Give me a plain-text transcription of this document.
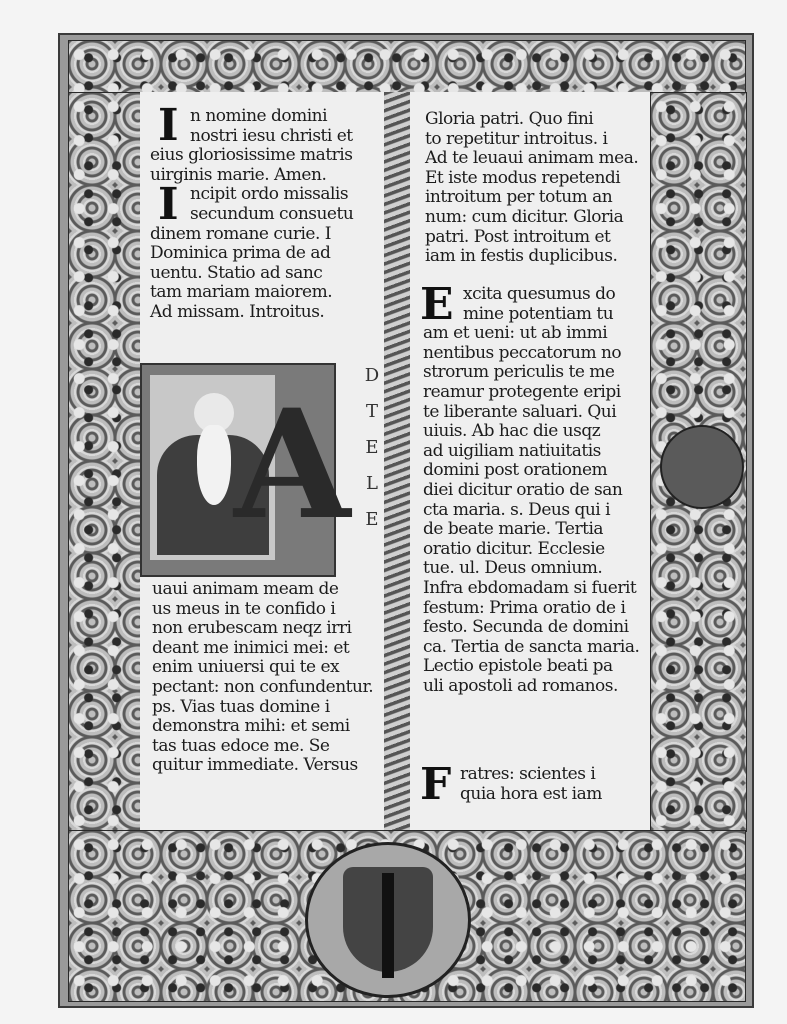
I
I
n nomine domini
nostri iesu christi et
eius gloriosissime matris
uirginis marie. Amen.
ncipit ordo missalis
secundum consuetu
dinem romane curie. I
Dominica prima de ad
uentu. Statio ad sanc
tam mariam maiorem.
Ad missam. Introitus.
A
D
T
E
L
E
uaui animam meam de
us meus in te confido i
non erubescam neqz irri
deant me inimici mei: et
enim uniuersi qui te ex
pectant: non confundentur.
ps. Vias tuas domine i
demonstra mihi: et semi
tas tuas edoce me. Se
quitur immediate. Versus
Gloria patri. Quo fini
to repetitur introitus. i
Ad te leuaui animam mea.
Et iste modus repetendi
introitum per totum an
num: cum dicitur. Gloria
patri. Post introitum et
iam in festis duplicibus.
E xcita quesumus do
mine potentiam tu
am et ueni: ut ab immi
nentibus peccatorum no
strorum periculis te me
reamur protegente eripi
te liberante saluari. Qui
uiuis. Ab hac die usqz
ad uigiliam natiuitatis
domini post orationem
diei dicitur oratio de san
cta maria. s. Deus qui i
de beate marie. Tertia
oratio dicitur. Ecclesie
tue. ul. Deus omnium.
Infra ebdomadam si fuerit
festum: Prima oratio de i
festo. Secunda de domini
ca. Tertia de sancta maria.
Lectio epistole beati pa
uli apostoli ad romanos.
F ratres: scientes i
quia hora est iam
